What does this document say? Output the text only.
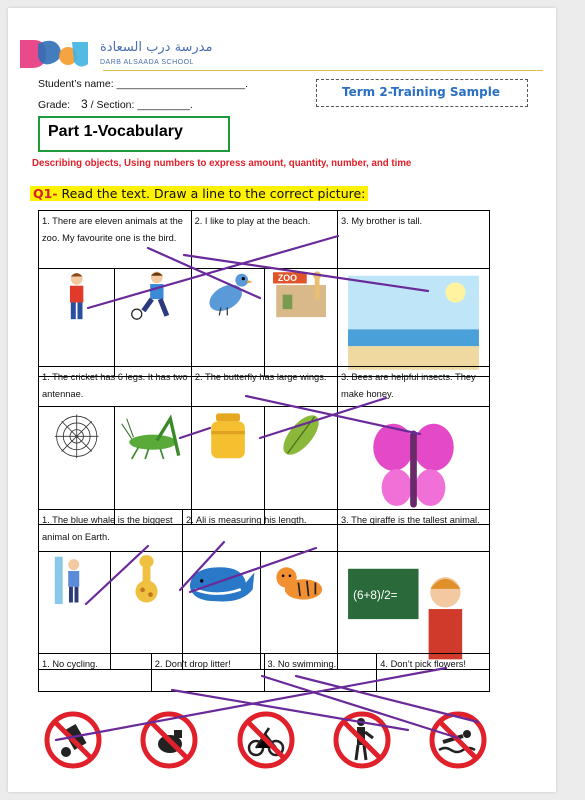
مدرسة درب السعادة
DARB ALSAADA SCHOOL
Student’s name: ______________________.
Grade: 3 / Section: _________.
Term 2-Training Sample
Part 1-Vocabulary
Describing objects, Using numbers to express amount, quantity, number, and time
Q1- Read the text. Draw a line to the correct picture:
1. There are eleven animals at the zoo. My favourite one is the bird.		2. I like to play at the beach.		3. My brother is tall.

ZOO

1. The cricket has 6 legs. It has two antennae.		2. The butterfly has large wings.		3. Bees are helpful insects. They make honey.

1. The blue whale is the biggest animal on Earth.		2. Ali is measuring his length.		3. The giraffe is the tallest animal.

(6+8)/2=
1. No cycling.	2. Don’t drop litter!	3. No swimming.	4. Don’t pick flowers!
